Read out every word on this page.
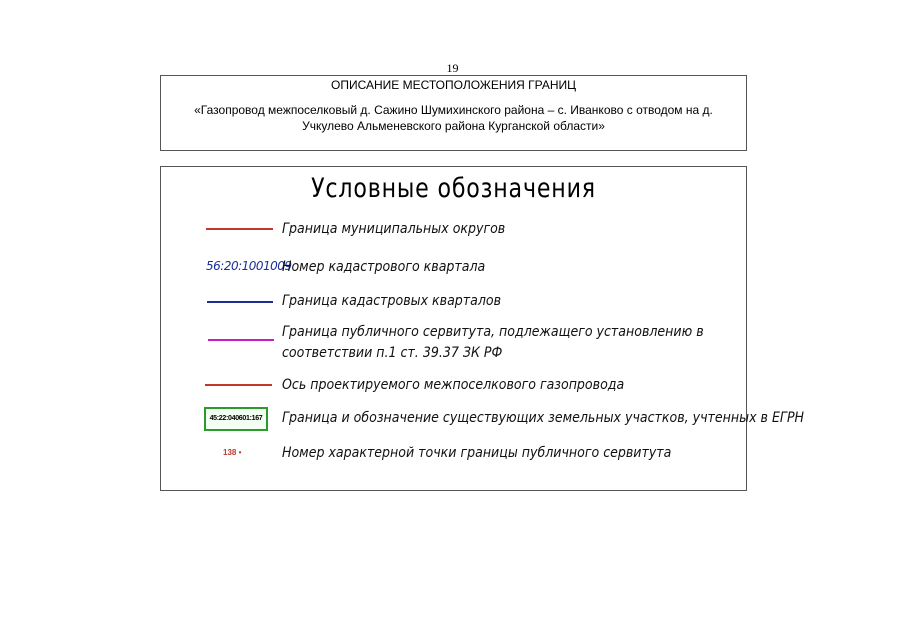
19
ОПИСАНИЕ МЕСТОПОЛОЖЕНИЯ ГРАНИЦ
«Газопровод межпоселковый д. Сажино Шумихинского района – с. Иванково с отводом на д. Учкулево Альменевского района Курганской области»
Условные обозначения
Граница муниципальных округов
56:20:1001009
Номер кадастрового квартала
Граница кадастровых кварталов
Граница публичного сервитута, подлежащего установлению в
соответствии п.1 ст. 39.37 ЗК РФ
Ось проектируемого межпоселкового газопровода
45:22:040601:167	Граница и обозначение существующих земельных участков, учтенных в ЕГРН
138 •	Номер характерной точки границы публичного сервитута
